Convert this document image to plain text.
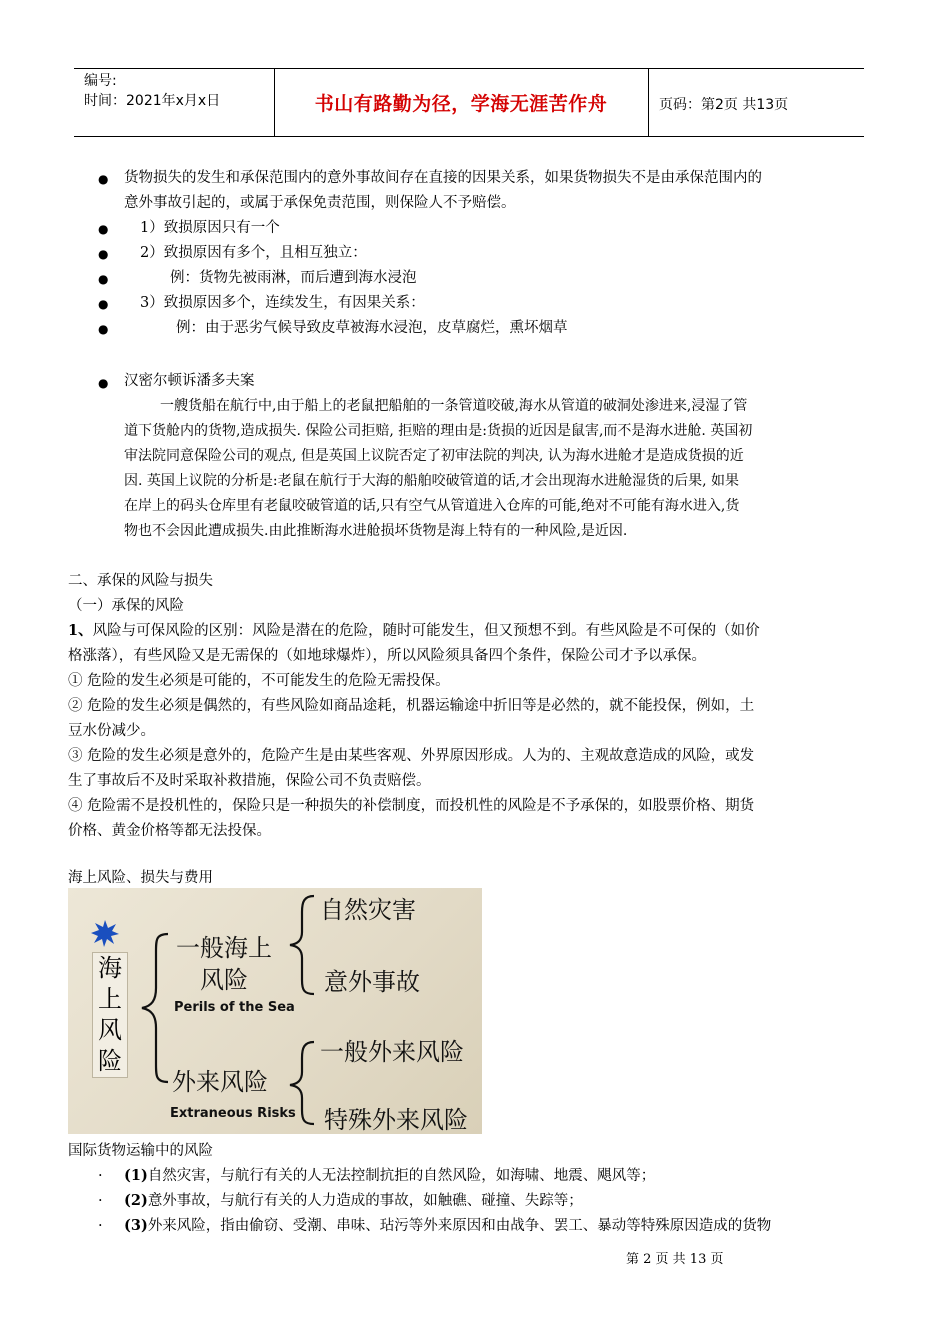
编号:
时间：2021年x月x日	书山有路勤为径，学海无涯苦作舟	页码：第2页 共13页
● 货物损失的发生和承保范围内的意外事故间存在直接的因果关系，如果货物损失不是由承保范围内的
意外事故引起的，或属于承保免责范围，则保险人不予赔偿。
● 1）致损原因只有一个
● 2）致损原因有多个，且相互独立：
●	例：货物先被雨淋，而后遭到海水浸泡
● 3）致损原因多个，连续发生，有因果关系：
●	例：由于恶劣气候导致皮草被海水浸泡，皮草腐烂，熏坏烟草
● 汉密尔顿诉潘多夫案
一艘货船在航行中,由于船上的老鼠把船舶的一条管道咬破,海水从管道的破洞处渗进来,浸湿了管
道下货舱内的货物,造成损失. 保险公司拒赔, 拒赔的理由是:货损的近因是鼠害,而不是海水进舱. 英国初
审法院同意保险公司的观点, 但是英国上议院否定了初审法院的判决, 认为海水进舱才是造成货损的近
因. 英国上议院的分析是:老鼠在航行于大海的船舶咬破管道的话,才会出现海水进舱湿货的后果, 如果
在岸上的码头仓库里有老鼠咬破管道的话,只有空气从管道进入仓库的可能,绝对不可能有海水进入,货
物也不会因此遭成损失.由此推断海水进舱损坏货物是海上特有的一种风险,是近因.
二、承保的风险与损失
（一）承保的风险
1、风险与可保风险的区别：风险是潜在的危险，随时可能发生，但又预想不到。有些风险是不可保的（如价
格涨落），有些风险又是无需保的（如地球爆炸），所以风险须具备四个条件，保险公司才予以承保。
① 危险的发生必须是可能的，不可能发生的危险无需投保。
② 危险的发生必须是偶然的，有些风险如商品途耗，机器运输途中折旧等是必然的，就不能投保，例如，土
豆水份减少。
③ 危险的发生必须是意外的，危险产生是由某些客观、外界原因形成。人为的、主观故意造成的风险，或发
生了事故后不及时采取补救措施，保险公司不负责赔偿。
④ 危险需不是投机性的，保险只是一种损失的补偿制度，而投机性的风险是不予承保的，如股票价格、期货
价格、黄金价格等都无法投保。
海上风险、损失与费用
海
上
风
险
一般海上
风险
Perils of the Sea
自然灾害
意外事故
外来风险
Extraneous Risks
一般外来风险
特殊外来风险
国际货物运输中的风险
· (1)自然灾害，与航行有关的人无法控制抗拒的自然风险，如海啸、地震、飓风等；
· (2)意外事故，与航行有关的人力造成的事故，如触礁、碰撞、失踪等；
· (3)外来风险，指由偷窃、受潮、串味、玷污等外来原因和由战争、罢工、暴动等特殊原因造成的货物
第 2 页 共 13 页
